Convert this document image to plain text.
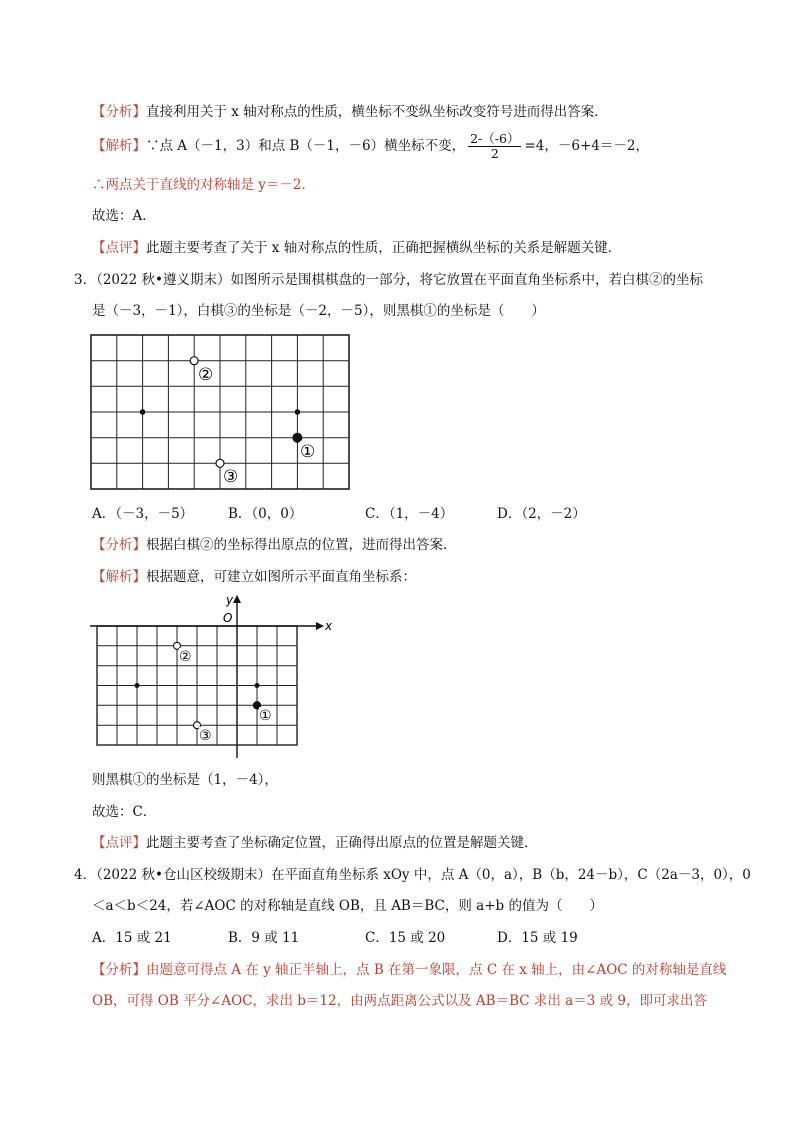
【分析】直接利用关于 x 轴对称点的性质，横坐标不变纵坐标改变符号进而得出答案．
【解析】∵点 A（－1，3）和点 B（－1，－6）横坐标不变， $\frac{2-(-6)}{2} =4$，－6+4＝－2，
∴两点关于直线的对称轴是 y＝－2．
故选：A．
【点评】此题主要考查了关于 x 轴对称点的性质，正确把握横纵坐标的关系是解题关键．
3．（2022 秋•遵义期末）如图所示是围棋棋盘的一部分，将它放置在平面直角坐标系中，若白棋②的坐标
是（－3，－1），白棋③的坐标是（－2，－5），则黑棋①的坐标是（　　）
②
③
①
A．（－3，－5）	B．（0，0）	C．（1，－4）	D．（2，－2）
【分析】根据白棋②的坐标得出原点的位置，进而得出答案．
【解析】根据题意，可建立如图所示平面直角坐标系：
y
x
O
②
③
①
则黑棋①的坐标是（1，－4），
故选：C．
【点评】此题主要考查了坐标确定位置，正确得出原点的位置是解题关键．
4．（2022 秋•仓山区校级期末）在平面直角坐标系 xOy 中，点 A（0，a），B（b，24－b），C（2a－3，0），0
＜a＜b＜24，若∠AOC 的对称轴是直线 OB，且 AB＝BC，则 a+b 的值为（　　）
A．15 或 21	B．9 或 11	C．15 或 20	D．15 或 19
【分析】由题意可得点 A 在 y 轴正半轴上，点 B 在第一象限，点 C 在 x 轴上，由∠AOC 的对称轴是直线
OB，可得 OB 平分∠AOC，求出 b＝12，由两点距离公式以及 AB＝BC 求出 a＝3 或 9，即可求出答
